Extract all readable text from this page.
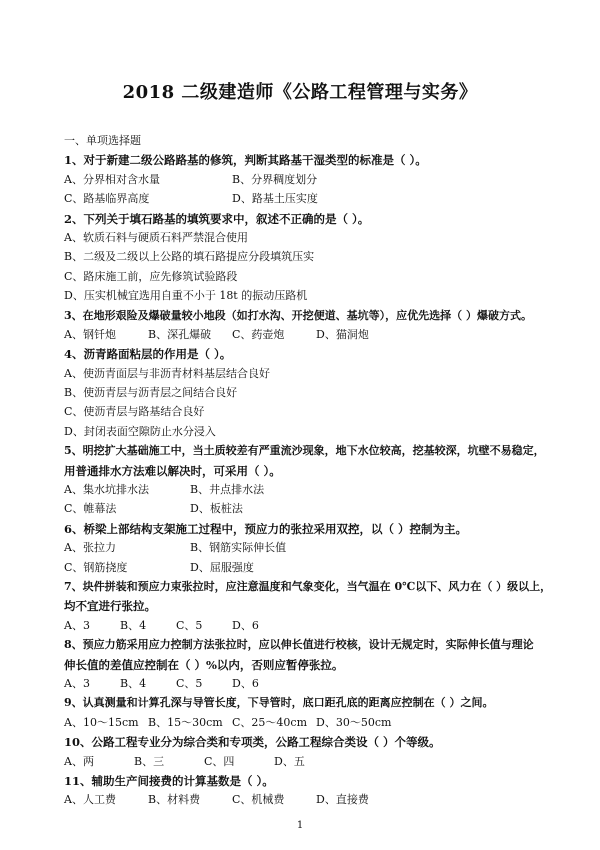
2018 二级建造师《公路工程管理与实务》
一、单项选择题
1、对于新建二级公路路基的修筑，判断其路基干湿类型的标准是（ ）。
A、分界相对含水量	B、分界稠度划分
C、路基临界高度	D、路基土压实度
2、下列关于填石路基的填筑要求中，叙述不正确的是（ ）。
A、软质石料与硬质石料严禁混合使用
B、二级及二级以上公路的填石路提应分段填筑压实
C、路床施工前，应先修筑试验路段
D、压实机械宜选用自重不小于 18t 的振动压路机
3、在地形艰险及爆破量较小地段（如打水沟、开挖便道、基坑等），应优先选择（ ）爆破方式。
A、钢钎炮	B、深孔爆破 C、药壶炮	D、猫洞炮
4、沥青路面粘层的作用是（ ）。
A、使沥青面层与非沥青材料基层结合良好
B、使沥青层与沥青层之间结合良好
C、使沥青层与路基结合良好
D、封闭表面空隙防止水分浸入
5、明挖扩大基础施工中，当土质较差有严重流沙现象，地下水位较高，挖基较深，坑壁不易稳定，
用普通排水方法难以解决时，可采用（ ）。
A、集水坑排水法	B、井点排水法
C、帷幕法	D、板桩法
6、桥梁上部结构支架施工过程中，预应力的张拉采用双控，以（ ）控制为主。
A、张拉力	B、钢筋实际伸长值
C、钢筋挠度	D、屈服强度
7、块件拼装和预应力束张拉时，应注意温度和气象变化，当气温在 0℃以下、风力在（ ）级以上，
均不宜进行张拉。
A、3	B、4	C、5	D、6
8、预应力筋采用应力控制方法张拉时，应以伸长值进行校核，设计无规定时，实际伸长值与理论
伸长值的差值应控制在（ ）%以内，否则应暂停张拉。
A、3	B、4	C、5	D、6
9、认真测量和计算孔深与导管长度，下导管时，底口距孔底的距离应控制在（ ）之间。
A、10～15cm B、15～30cm C、25～40cm D、30～50cm
10、公路工程专业分为综合类和专项类，公路工程综合类设（ ）个等级。
A、两	B、三	C、四	D、五
11、辅助生产间接费的计算基数是（ ）。
A、人工费	B、材料费	C、机械费	D、直接费
1
